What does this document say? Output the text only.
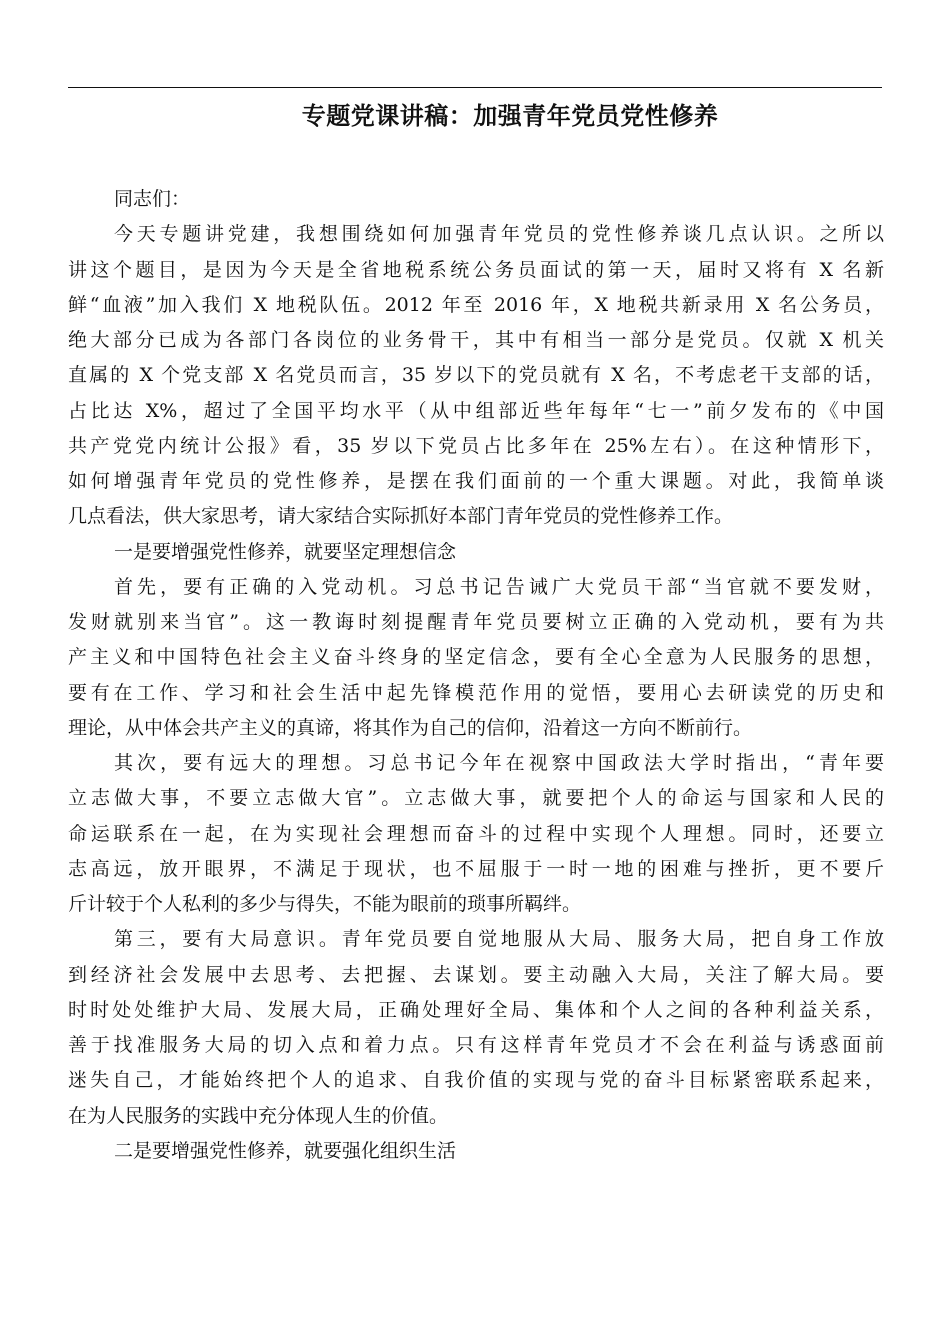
专题党课讲稿：加强青年党员党性修养
同志们：
今天专题讲党建，我想围绕如何加强青年党员的党性修养谈几点认识。之所以
讲这个题目，是因为今天是全省地税系统公务员面试的第一天，届时又将有 X 名新
鲜“血液”加入我们 X 地税队伍。2012 年至 2016 年，X 地税共新录用 X 名公务员，
绝大部分已成为各部门各岗位的业务骨干，其中有相当一部分是党员。仅就 X 机关
直属的 X 个党支部 X 名党员而言，35 岁以下的党员就有 X 名，不考虑老干支部的话，
占比达 X%，超过了全国平均水平（从中组部近些年每年“七一”前夕发布的《中国
共产党党内统计公报》看，35 岁以下党员占比多年在 25%左右）。在这种情形下，
如何增强青年党员的党性修养，是摆在我们面前的一个重大课题。对此，我简单谈
几点看法，供大家思考，请大家结合实际抓好本部门青年党员的党性修养工作。
一是要增强党性修养，就要坚定理想信念
首先，要有正确的入党动机。习总书记告诫广大党员干部“当官就不要发财，
发财就别来当官”。这一教诲时刻提醒青年党员要树立正确的入党动机，要有为共
产主义和中国特色社会主义奋斗终身的坚定信念，要有全心全意为人民服务的思想，
要有在工作、学习和社会生活中起先锋模范作用的觉悟，要用心去研读党的历史和
理论，从中体会共产主义的真谛，将其作为自己的信仰，沿着这一方向不断前行。
其次，要有远大的理想。习总书记今年在视察中国政法大学时指出，“青年要
立志做大事，不要立志做大官”。立志做大事，就要把个人的命运与国家和人民的
命运联系在一起，在为实现社会理想而奋斗的过程中实现个人理想。同时，还要立
志高远，放开眼界，不满足于现状，也不屈服于一时一地的困难与挫折，更不要斤
斤计较于个人私利的多少与得失，不能为眼前的琐事所羁绊。
第三，要有大局意识。青年党员要自觉地服从大局、服务大局，把自身工作放
到经济社会发展中去思考、去把握、去谋划。要主动融入大局，关注了解大局。要
时时处处维护大局、发展大局，正确处理好全局、集体和个人之间的各种利益关系，
善于找准服务大局的切入点和着力点。只有这样青年党员才不会在利益与诱惑面前
迷失自己，才能始终把个人的追求、自我价值的实现与党的奋斗目标紧密联系起来，
在为人民服务的实践中充分体现人生的价值。
二是要增强党性修养，就要强化组织生活
